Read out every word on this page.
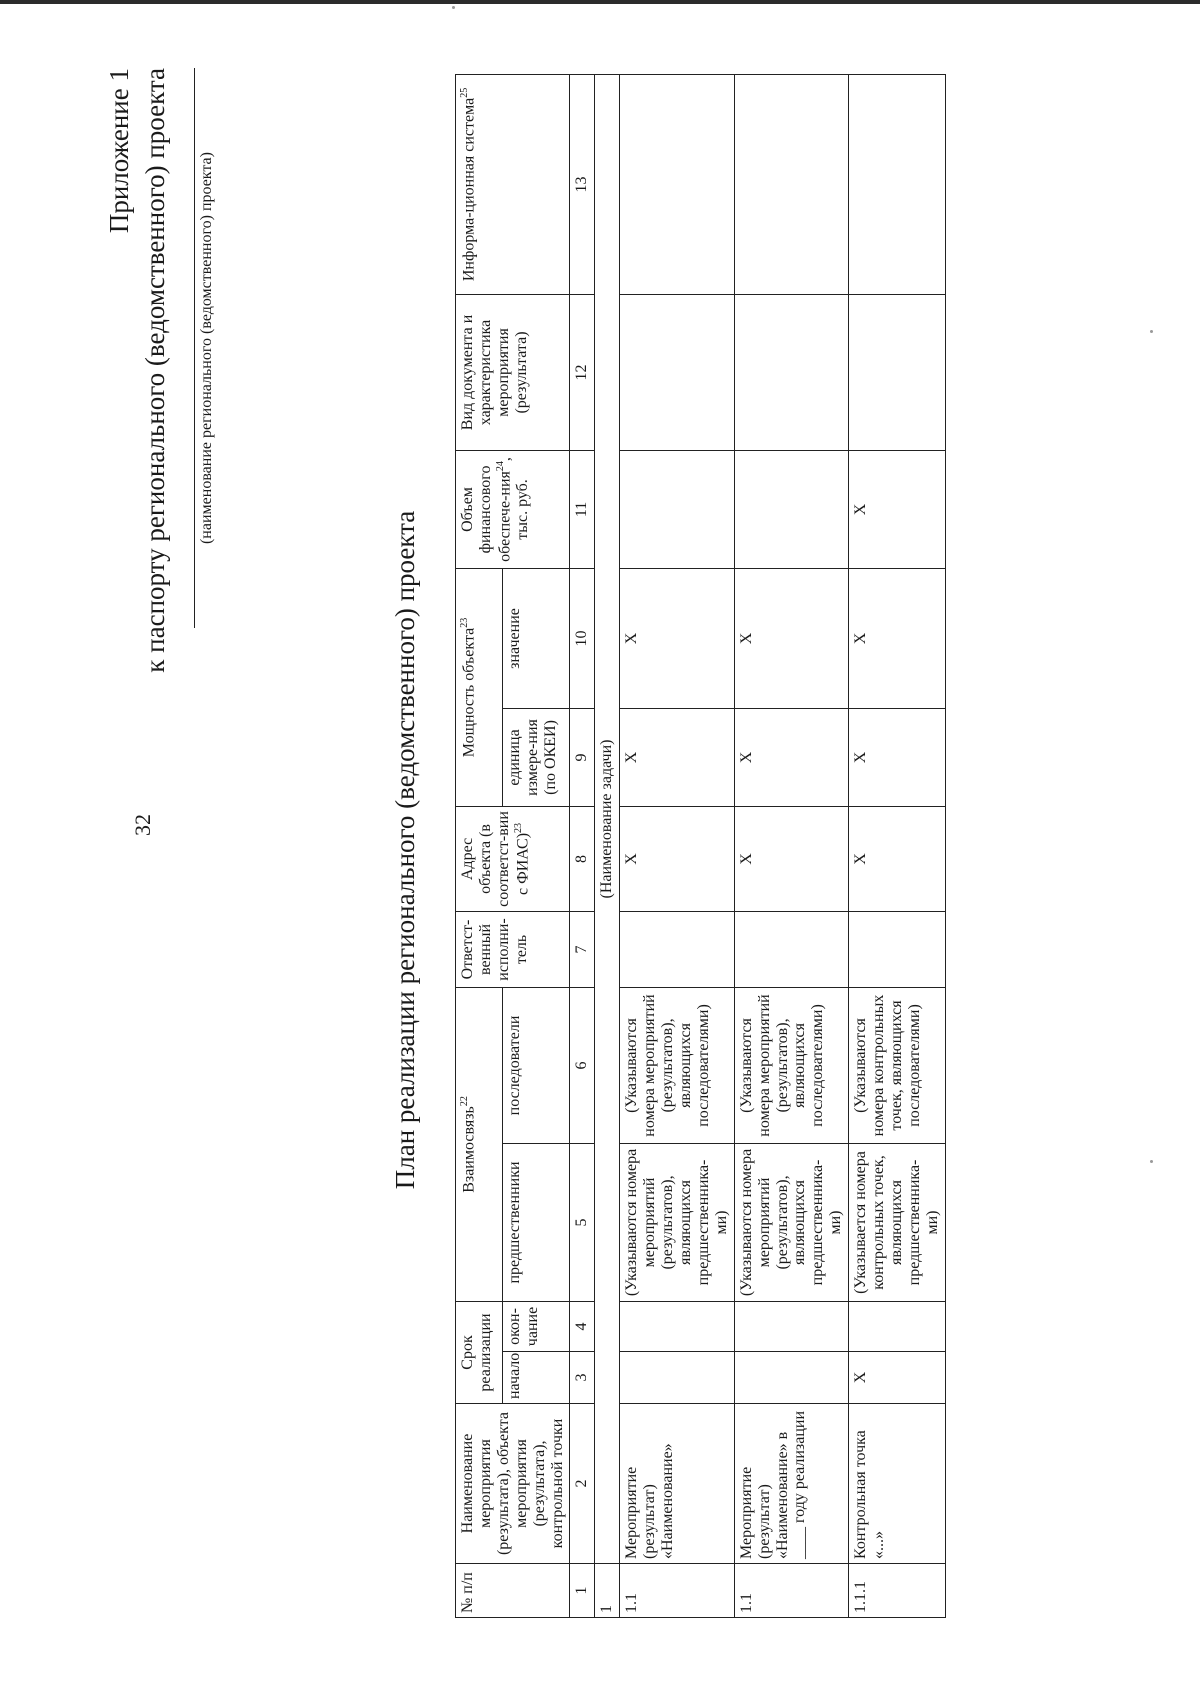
32
Приложение 1 к паспорту регионального (ведомственного) проекта (наименование регионального (ведомственного) проекта)
План реализации регионального (ведомственного) проекта
№ п/п	Наименование мероприятия (результата), объекта мероприятия (результата), контрольной точки	Срок реализации		Взаимосвязь$^{22}$		Ответст-венный исполни-тель	Адрес объекта (в соответст-вии с ФИАС)$^{23}$	Мощность объекта$^{23}$		Объем финансового обеспече-ния$^{24}$, тыс. руб.	Вид документа и характеристика мероприятия (результата)	Информа-ционная система$^{25}$
		начало	окон-чание	предшественники	последователи			единица измере-ния (по ОКЕИ)	значение			
1	2	3	4	5	6	7	8	9	10	11	12	13
1	(Наименование задачи)											
1.1	Мероприятие (результат) «Наименование»			(Указываются номера мероприятий (результатов), являющихся предшественника-ми)	(Указываются номера мероприятий (результатов), являющихся последователями)		X	X	X			
1.1	Мероприятие (результат) «Наименование» в ____ году реализации			(Указываются номера мероприятий (результатов), являющихся предшественника-ми)	(Указываются номера мероприятий (результатов), являющихся последователями)		X	X	X			
1.1.1	Контрольная точка «...»	X		(Указывается номера контрольных точек, являющихся предшественника-ми)	(Указываются номера контрольных точек, являющихся последователями)		X	X	X	X		
